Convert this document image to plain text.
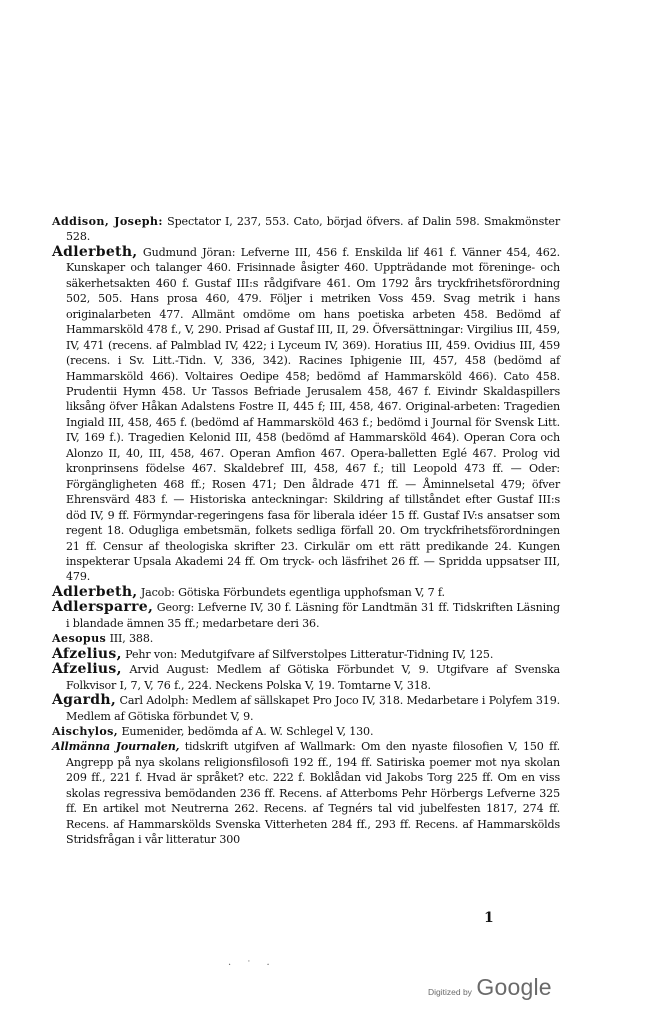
Addison, Joseph: Spectator I, 237, 553. Cato, börjad öfvers. af Dalin 598. Smakmönster 528.

Adlerbeth, Gudmund Jöran: Lefverne III, 456 f. Enskilda lif 461 f. Vänner 454, 462. Kunskaper och talanger 460. Frisinnade åsigter 460. Uppträdande mot föreninge- och säkerhetsakten 460 f. Gustaf III:s rådgifvare 461. Om 1792 års tryckfrihetsförordning 502, 505. Hans prosa 460, 479. Följer i metriken Voss 459. Svag metrik i hans originalarbeten 477. Allmänt omdöme om hans poetiska arbeten 458. Bedömd af Hammarsköld 478 f., V, 290. Prisad af Gustaf III, II, 29. Öfversättningar: Virgilius III, 459, IV, 471 (recens. af Palmblad IV, 422; i Lyceum IV, 369). Horatius III, 459. Ovidius III, 459 (recens. i Sv. Litt.-Tidn. V, 336, 342). Racines Iphigenie III, 457, 458 (bedömd af Hammarsköld 466). Voltaires Oedipe 458; bedömd af Hammarsköld 466). Cato 458. Prudentii Hymn 458. Ur Tassos Befriade Jerusalem 458, 467 f. Eivindr Skaldaspillers liksång öfver Håkan Adalstens Fostre II, 445 f; III, 458, 467. Original-arbeten: Tragedien Ingiald III, 458, 465 f. (bedömd af Hammarsköld 463 f.; bedömd i Journal för Svensk Litt. IV, 169 f.). Tragedien Kelonid III, 458 (bedömd af Hammarsköld 464). Operan Cora och Alonzo II, 40, III, 458, 467. Operan Amfion 467. Opera-balletten Eglé 467. Prolog vid kronprinsens födelse 467. Skaldebref III, 458, 467 f.; till Leopold 473 ff. — Oder: Förgängligheten 468 ff.; Rosen 471; Den åldrade 471 ff. — Åminnelsetal 479; öfver Ehrensvärd 483 f. — Historiska anteckningar: Skildring af tillståndet efter Gustaf III:s död IV, 9 ff. Förmyndar-regeringens fasa för liberala idéer 15 ff. Gustaf IV:s ansatser som regent 18. Odugliga embetsmän, folkets sedliga förfall 20. Om tryckfrihetsförordningen 21 ff. Censur af theologiska skrifter 23. Cirkulär om ett rätt predikande 24. Kungen inspekterar Upsala Akademi 24 ff. Om tryck- och läsfrihet 26 ff. — Spridda uppsatser III, 479.

Adlerbeth, Jacob: Götiska Förbundets egentliga upphofsman V, 7 f.

Adlersparre, Georg: Lefverne IV, 30 f. Läsning för Landtmän 31 ff. Tidskriften Läsning i blandade ämnen 35 ff.; medarbetare deri 36.

Aesopus III, 388.

Afzelius, Pehr von: Medutgifvare af Silfverstolpes Litteratur-Tidning IV, 125.

Afzelius, Arvid August: Medlem af Götiska Förbundet V, 9. Utgifvare af Svenska Folkvisor I, 7, V, 76 f., 224. Neckens Polska V, 19. Tomtarne V, 318.

Agardh, Carl Adolph: Medlem af sällskapet Pro Joco IV, 318. Medarbetare i Polyfem 319. Medlem af Götiska förbundet V, 9.

Aischylos, Eumenider, bedömda af A. W. Schlegel V, 130.

Allmänna Journalen, tidskrift utgifven af Wallmark: Om den nyaste filosofien V, 150 ff. Angrepp på nya skolans religionsfilosofi 192 ff., 194 ff. Satiriska poemer mot nya skolan 209 ff., 221 f. Hvad är språket? etc. 222 f. Boklådan vid Jakobs Torg 225 ff. Om en viss skolas regressiva bemödanden 236 ff. Recens. af Atterboms Pehr Hörbergs Lefverne 325 ff. En artikel mot Neutrerna 262. Recens. af Tegnérs tal vid jubelfesten 1817, 274 ff. Recens. af Hammarskölds Svenska Vitterheten 284 ff., 293 ff. Recens. af Hammarskölds Stridsfrågan i vår litteratur 300

1
· ˙ ·
Digitized by Google
